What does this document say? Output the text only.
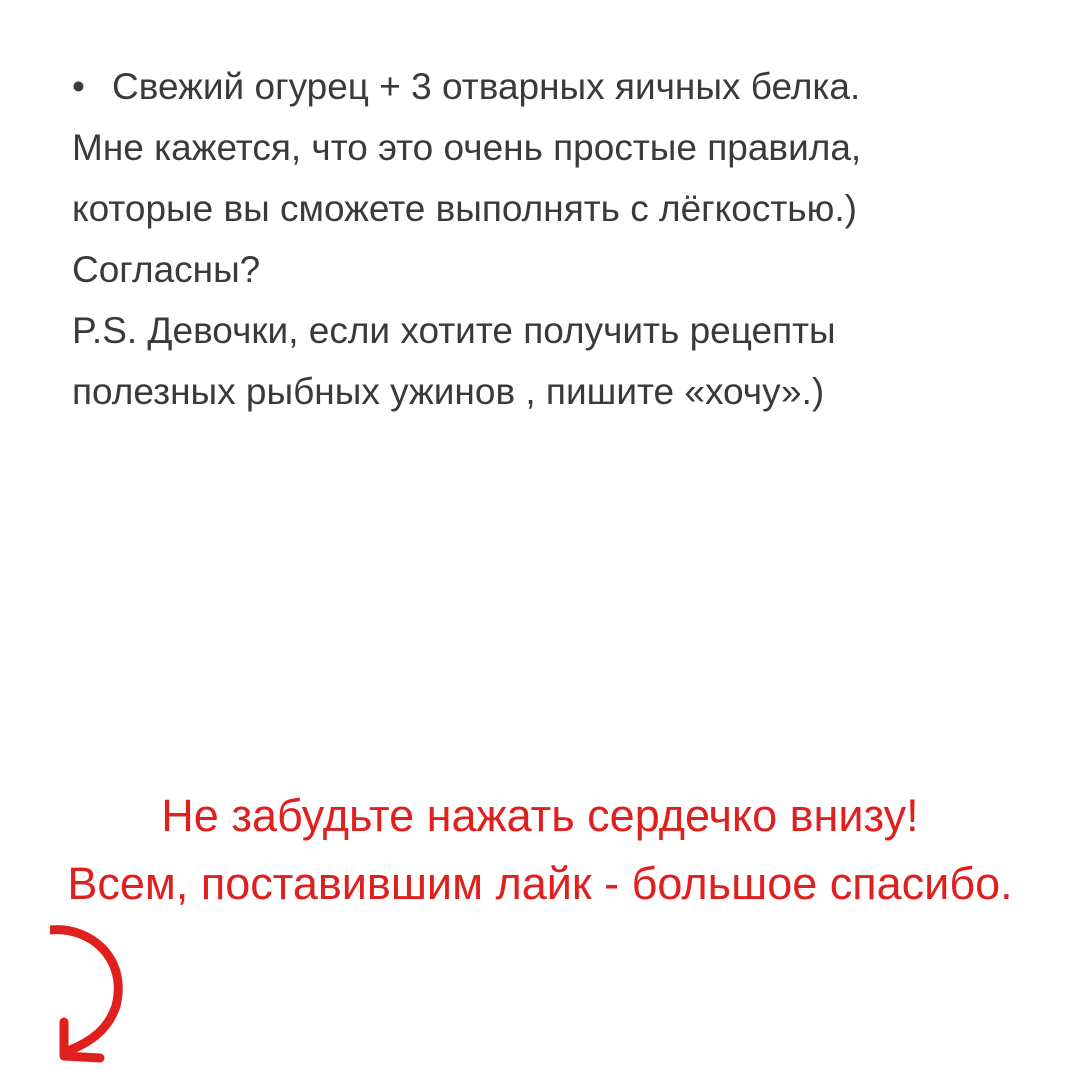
• Свежий огурец + 3 отварных яичных белка.
Мне кажется, что это очень простые правила,
которые вы сможете выполнять с лёгкостью.)
Согласны?
P.S. Девочки, если хотите получить рецепты
полезных рыбных ужинов , пишите «хочу».)
Не забудьте нажать сердечко внизу!
Всем, поставившим лайк - большое спасибо.
